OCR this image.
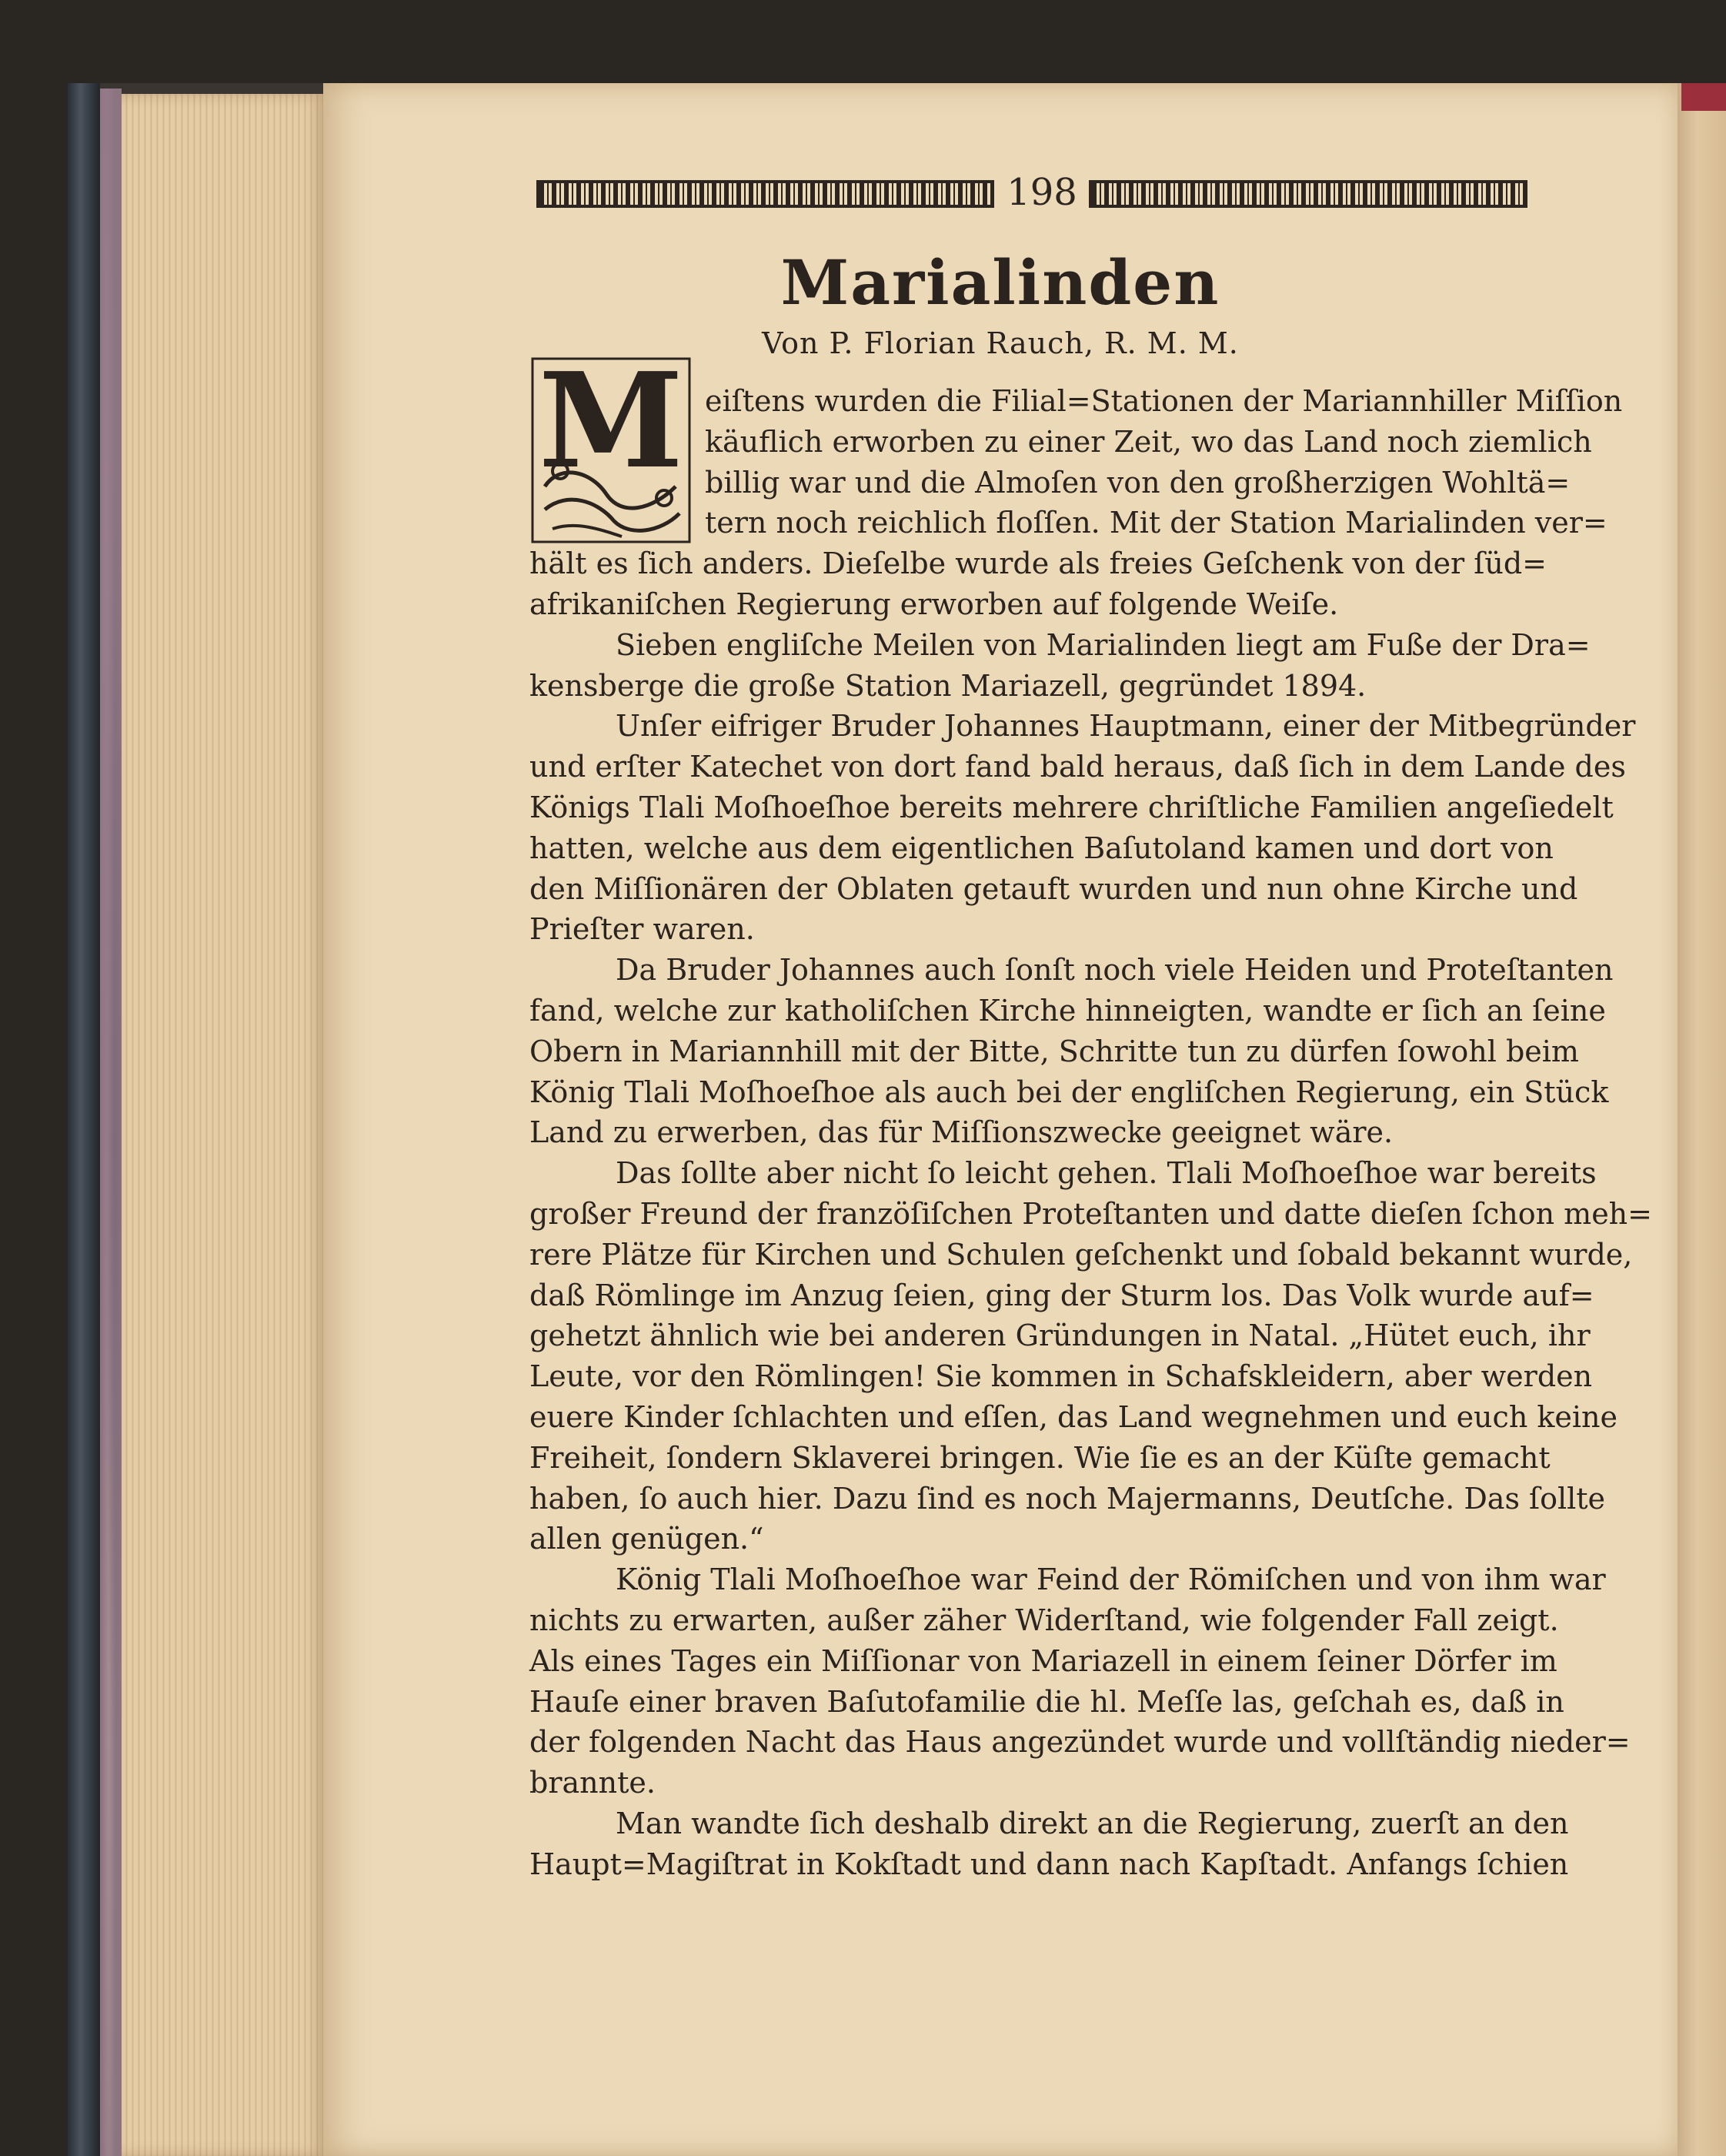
198
Marialinden
Von P. Florian Rauch, R. M. M.
M eiſtens wurden die Filial=Stationen der Mariannhiller Miſſion
käuflich erworben zu einer Zeit, wo das Land noch ziemlich
billig war und die Almoſen von den großherzigen Wohltä=
tern noch reichlich floſſen. Mit der Station Marialinden ver=
hält es ſich anders. Dieſelbe wurde als freies Geſchenk von der ſüd=
afrikaniſchen Regierung erworben auf folgende Weiſe.
Sieben engliſche Meilen von Marialinden liegt am Fuße der Dra=
kensberge die große Station Mariazell, gegründet 1894.
Unſer eifriger Bruder Johannes Hauptmann, einer der Mitbegründer
und erſter Katechet von dort fand bald heraus, daß ſich in dem Lande des
Königs Tlali Moſhoeſhoe bereits mehrere chriſtliche Familien angeſiedelt
hatten, welche aus dem eigentlichen Baſutoland kamen und dort von
den Miſſionären der Oblaten getauft wurden und nun ohne Kirche und
Prieſter waren.
Da Bruder Johannes auch ſonſt noch viele Heiden und Proteſtanten
fand, welche zur katholiſchen Kirche hinneigten, wandte er ſich an ſeine
Obern in Mariannhill mit der Bitte, Schritte tun zu dürfen ſowohl beim
König Tlali Moſhoeſhoe als auch bei der engliſchen Regierung, ein Stück
Land zu erwerben, das für Miſſionszwecke geeignet wäre.
Das ſollte aber nicht ſo leicht gehen. Tlali Moſhoeſhoe war bereits
großer Freund der franzöſiſchen Proteſtanten und datte dieſen ſchon meh=
rere Plätze für Kirchen und Schulen geſchenkt und ſobald bekannt wurde,
daß Römlinge im Anzug ſeien, ging der Sturm los. Das Volk wurde auf=
gehetzt ähnlich wie bei anderen Gründungen in Natal. „Hütet euch, ihr
Leute, vor den Römlingen! Sie kommen in Schafskleidern, aber werden
euere Kinder ſchlachten und eſſen, das Land wegnehmen und euch keine
Freiheit, ſondern Sklaverei bringen. Wie ſie es an der Küſte gemacht
haben, ſo auch hier. Dazu ſind es noch Majermanns, Deutſche. Das ſollte
allen genügen.“
König Tlali Moſhoeſhoe war Feind der Römiſchen und von ihm war
nichts zu erwarten, außer zäher Widerſtand, wie folgender Fall zeigt.
Als eines Tages ein Miſſionar von Mariazell in einem ſeiner Dörfer im
Hauſe einer braven Baſutofamilie die hl. Meſſe las, geſchah es, daß in
der folgenden Nacht das Haus angezündet wurde und vollſtändig nieder=
brannte.
Man wandte ſich deshalb direkt an die Regierung, zuerſt an den
Haupt=Magiſtrat in Kokſtadt und dann nach Kapſtadt. Anfangs ſchien
